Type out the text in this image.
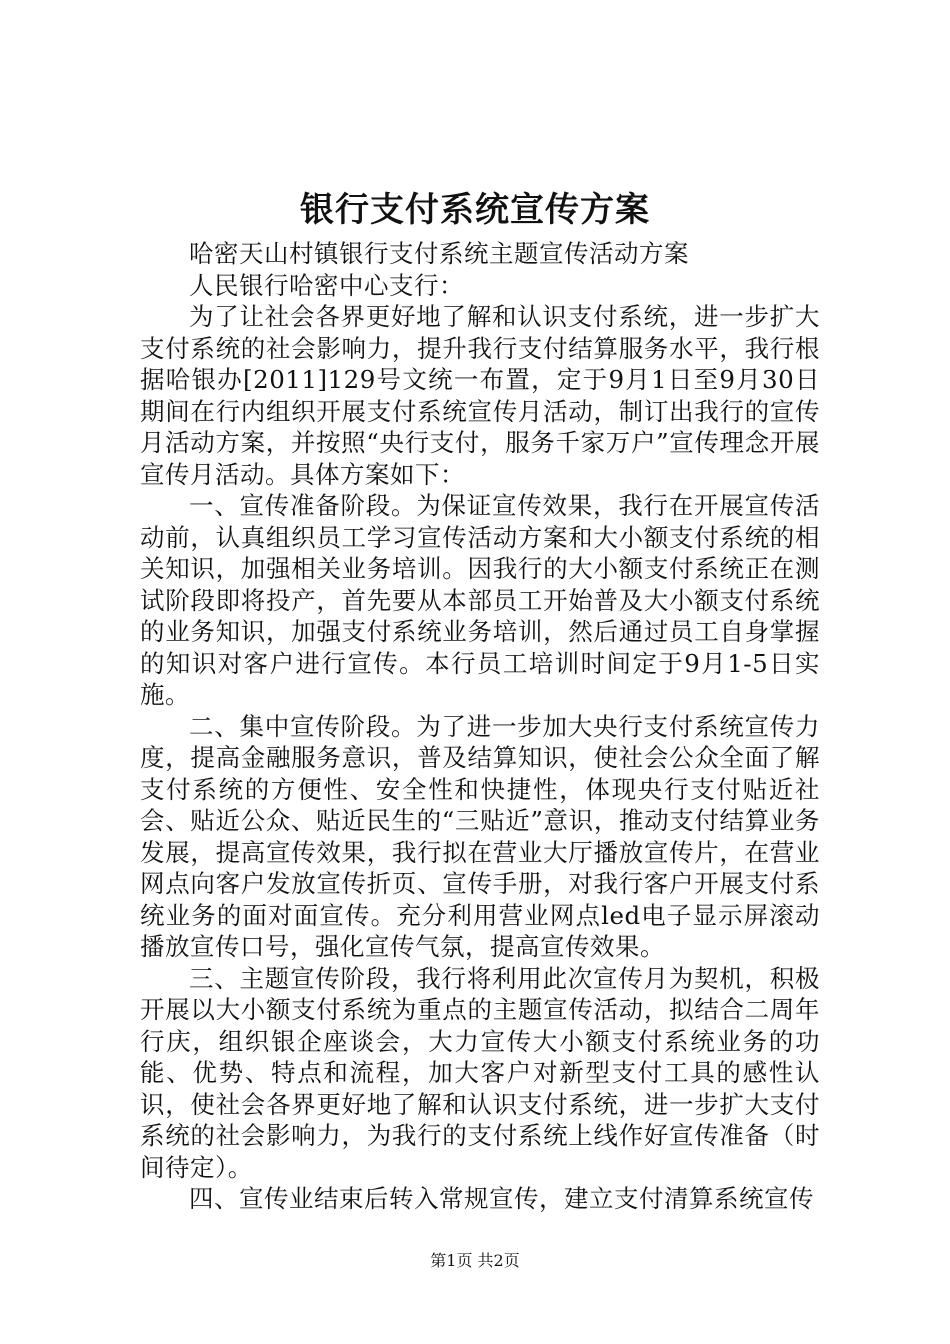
银行支付系统宣传方案

哈密天山村镇银行支付系统主题宣传活动方案

人民银行哈密中心支行：

为了让社会各界更好地了解和认识支付系统，进一步扩大支付系统的社会影响力，提升我行支付结算服务水平，我行根据哈银办[2011]129号文统一布置，定于9月1日至9月30日期间在行内组织开展支付系统宣传月活动，制订出我行的宣传月活动方案，并按照“央行支付，服务千家万户”宣传理念开展宣传月活动。具体方案如下：

一、宣传准备阶段。为保证宣传效果，我行在开展宣传活动前，认真组织员工学习宣传活动方案和大小额支付系统的相关知识，加强相关业务培训。因我行的大小额支付系统正在测试阶段即将投产，首先要从本部员工开始普及大小额支付系统的业务知识，加强支付系统业务培训，然后通过员工自身掌握的知识对客户进行宣传。本行员工培训时间定于9月1-5日实施。

二、集中宣传阶段。为了进一步加大央行支付系统宣传力度，提高金融服务意识，普及结算知识，使社会公众全面了解支付系统的方便性、安全性和快捷性，体现央行支付贴近社会、贴近公众、贴近民生的“三贴近”意识，推动支付结算业务发展，提高宣传效果，我行拟在营业大厅播放宣传片，在营业网点向客户发放宣传折页、宣传手册，对我行客户开展支付系统业务的面对面宣传。充分利用营业网点led电子显示屏滚动播放宣传口号，强化宣传气氛，提高宣传效果。

三、主题宣传阶段，我行将利用此次宣传月为契机，积极开展以大小额支付系统为重点的主题宣传活动，拟结合二周年行庆，组织银企座谈会，大力宣传大小额支付系统业务的功能、优势、特点和流程，加大客户对新型支付工具的感性认识，使社会各界更好地了解和认识支付系统，进一步扩大支付系统的社会影响力，为我行的支付系统上线作好宣传准备（时间待定）。

四、宣传业结束后转入常规宣传，建立支付清算系统宣传

第1页 共2页
